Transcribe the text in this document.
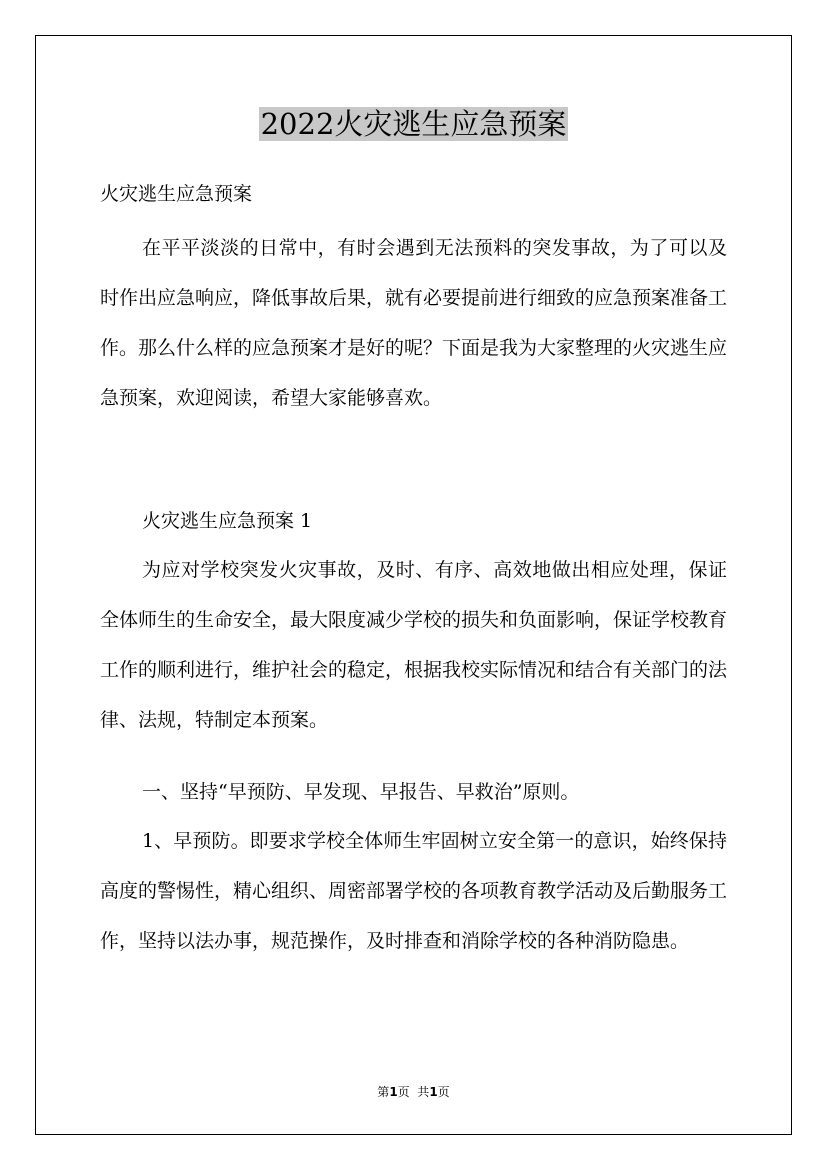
2022火灾逃生应急预案
火灾逃生应急预案

在平平淡淡的日常中，有时会遇到无法预料的突发事故，为了可以及时作出应急响应，降低事故后果，就有必要提前进行细致的应急预案准备工作。那么什么样的应急预案才是好的呢？下面是我为大家整理的火灾逃生应急预案，欢迎阅读，希望大家能够喜欢。

火灾逃生应急预案 1

为应对学校突发火灾事故，及时、有序、高效地做出相应处理，保证全体师生的生命安全，最大限度减少学校的损失和负面影响，保证学校教育工作的顺利进行，维护社会的稳定，根据我校实际情况和结合有关部门的法律、法规，特制定本预案。

一、坚持“早预防、早发现、早报告、早救治”原则。

1、早预防。即要求学校全体师生牢固树立安全第一的意识，始终保持高度的警惕性，精心组织、周密部署学校的各项教育教学活动及后勤服务工作，坚持以法办事，规范操作，及时排查和消除学校的各种消防隐患。

第1页  共1页
